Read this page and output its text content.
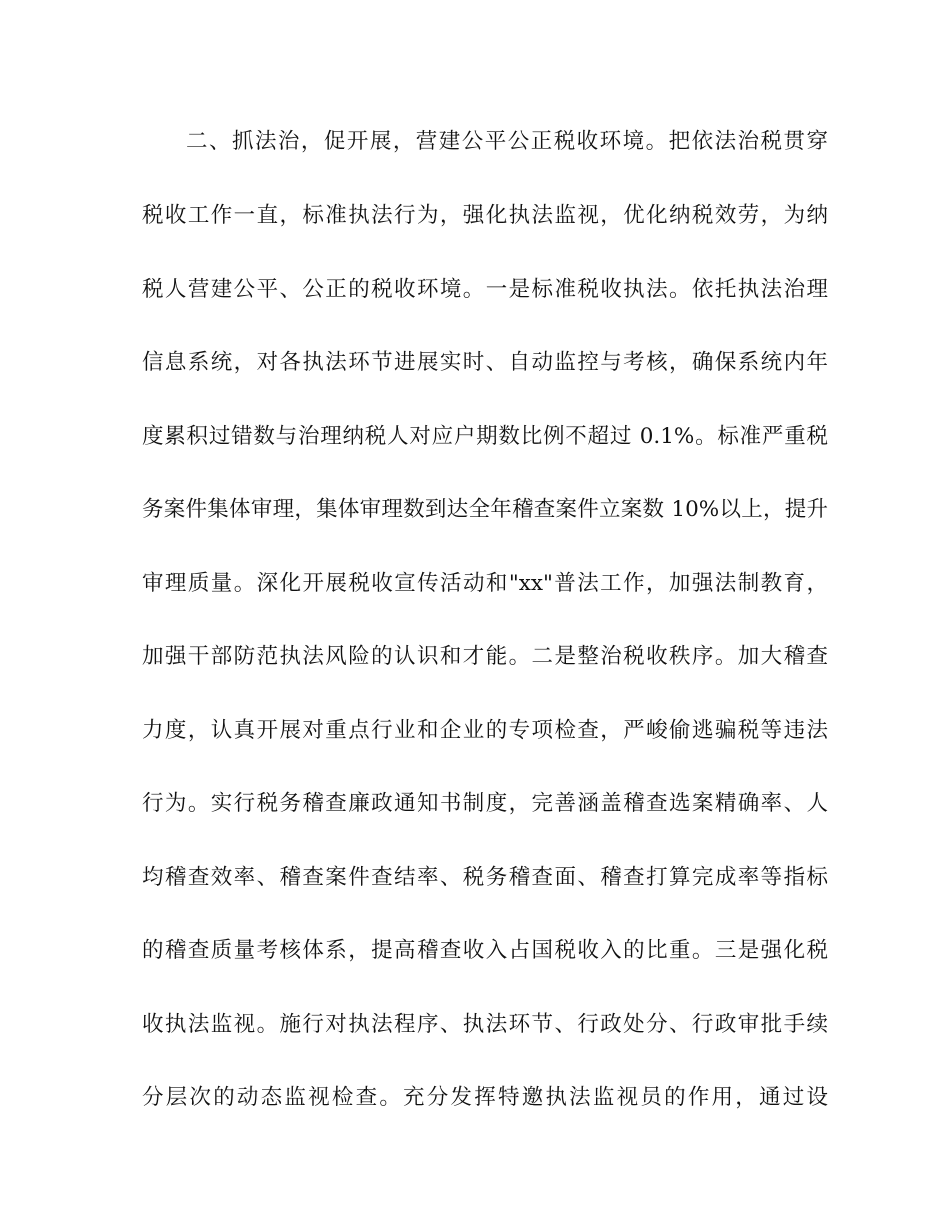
二、抓法治，促开展，营建公平公正税收环境。把依法治税贯穿
税收工作一直，标准执法行为，强化执法监视，优化纳税效劳，为纳
税人营建公平、公正的税收环境。一是标准税收执法。依托执法治理
信息系统，对各执法环节进展实时、自动监控与考核，确保系统内年
度累积过错数与治理纳税人对应户期数比例不超过 0.1%。标准严重税
务案件集体审理，集体审理数到达全年稽查案件立案数 10%以上，提升
审理质量。深化开展税收宣传活动和"xx"普法工作，加强法制教育，
加强干部防范执法风险的认识和才能。二是整治税收秩序。加大稽查
力度，认真开展对重点行业和企业的专项检查，严峻偷逃骗税等违法
行为。实行税务稽查廉政通知书制度，完善涵盖稽查选案精确率、人
均稽查效率、稽查案件查结率、税务稽查面、稽查打算完成率等指标
的稽查质量考核体系，提高稽查收入占国税收入的比重。三是强化税
收执法监视。施行对执法程序、执法环节、行政处分、行政审批手续
分层次的动态监视检查。充分发挥特邀执法监视员的作用，通过设
